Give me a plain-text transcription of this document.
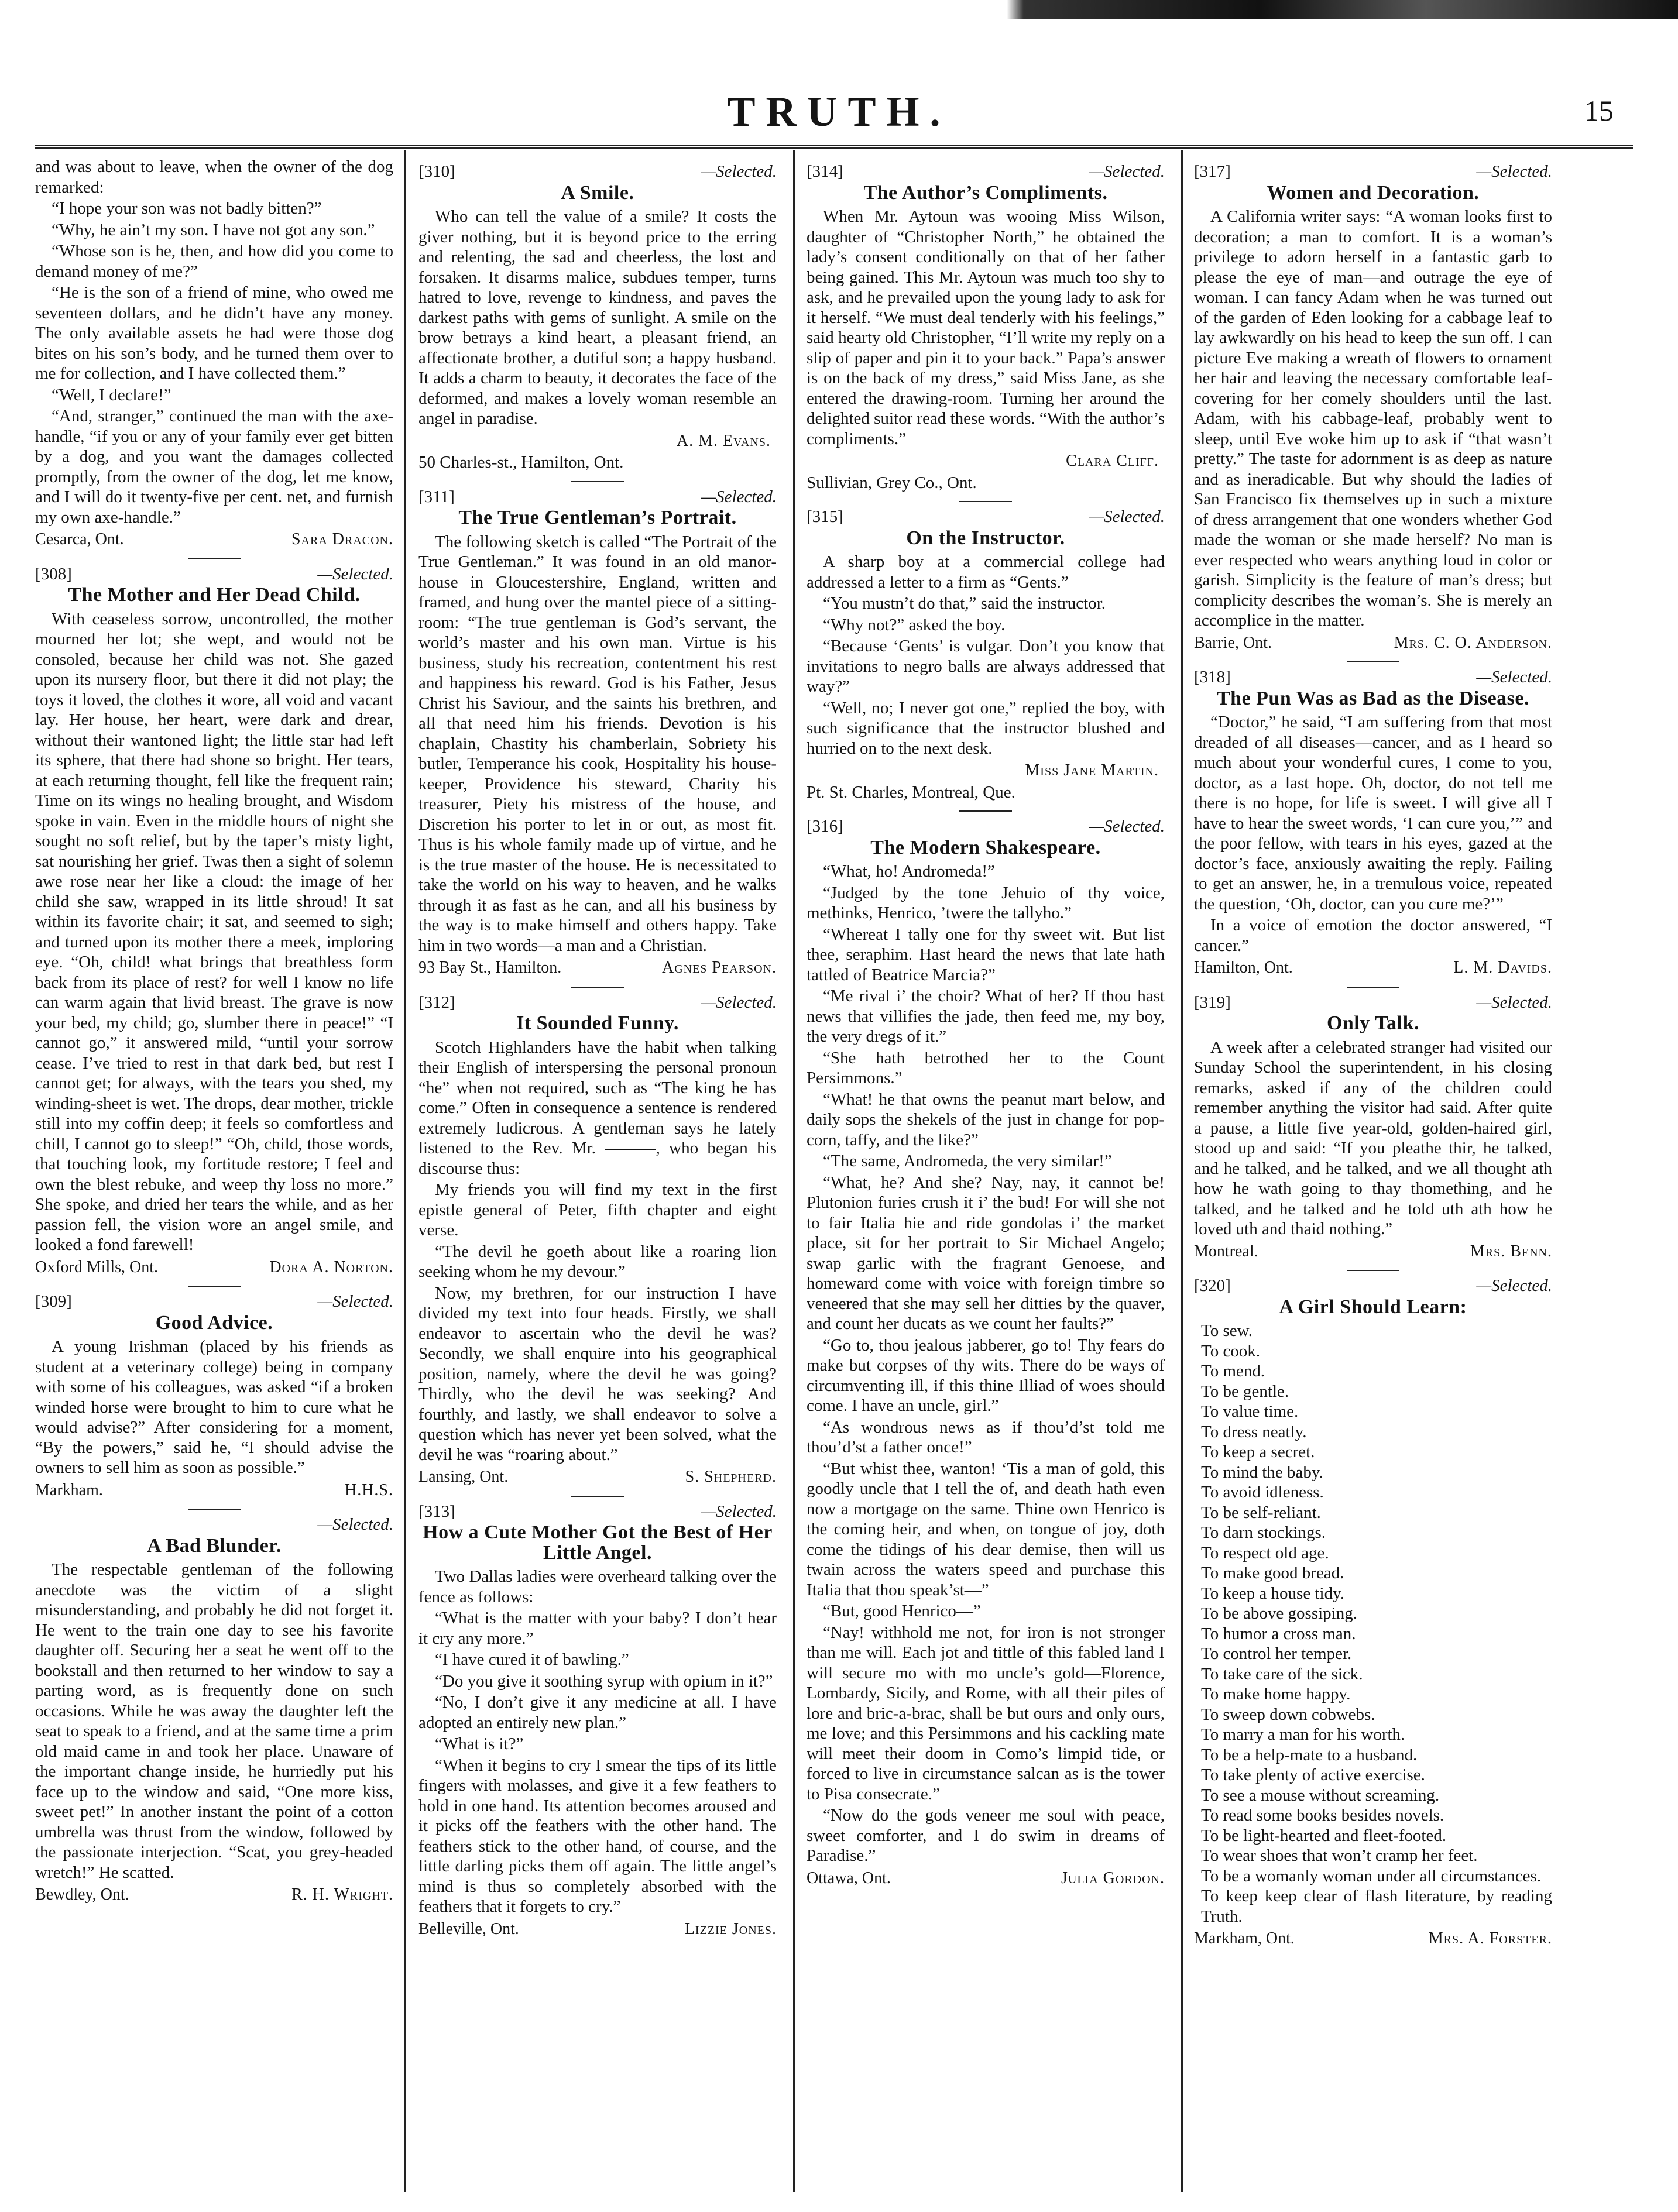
TRUTH.	15

and was about to leave, when the owner of the dog remarked:

“I hope your son was not badly bitten?”

“Why, he ain’t my son. I have not got any son.”

“Whose son is he, then, and how did you come to demand money of me?”

“He is the son of a friend of mine, who owed me seventeen dollars, and he didn’t have any money. The only available assets he had were those dog bites on his son’s body, and he turned them over to me for collection, and I have collected them.”

“Well, I declare!”

“And, stranger,” continued the man with the axe-handle, “if you or any of your family ever get bitten by a dog, and you want the damages collected promptly, from the owner of the dog, let me know, and I will do it twenty-five per cent. net, and furnish my own axe-handle.”

Cesarca, Ont.	Sara Dracon.
[308]	—Selected.
The Mother and Her Dead Child.

With ceaseless sorrow, uncontrolled, the mother mourned her lot; she wept, and would not be consoled, because her child was not. She gazed upon its nursery floor, but there it did not play; the toys it loved, the clothes it wore, all void and vacant lay. Her house, her heart, were dark and drear, without their wantoned light; the little star had left its sphere, that there had shone so bright. Her tears, at each returning thought, fell like the frequent rain; Time on its wings no healing brought, and Wisdom spoke in vain. Even in the middle hours of night she sought no soft relief, but by the taper’s misty light, sat nourishing her grief. Twas then a sight of solemn awe rose near her like a cloud: the image of her child she saw, wrapped in its little shroud! It sat within its favorite chair; it sat, and seemed to sigh; and turned upon its mother there a meek, imploring eye. “Oh, child! what brings that breathless form back from its place of rest? for well I know no life can warm again that livid breast. The grave is now your bed, my child; go, slumber there in peace!” “I cannot go,” it answered mild, “until your sorrow cease. I’ve tried to rest in that dark bed, but rest I cannot get; for always, with the tears you shed, my winding-sheet is wet. The drops, dear mother, trickle still into my coffin deep; it feels so comfortless and chill, I cannot go to sleep!” “Oh, child, those words, that touching look, my fortitude restore; I feel and own the blest rebuke, and weep thy loss no more.” She spoke, and dried her tears the while, and as her passion fell, the vision wore an angel smile, and looked a fond farewell!

Oxford Mills, Ont.	Dora A. Norton.
[309]	—Selected.
Good Advice.

A young Irishman (placed by his friends as student at a veterinary college) being in company with some of his colleagues, was asked “if a broken winded horse were brought to him to cure what he would advise?” After considering for a moment, “By the powers,” said he, “I should advise the owners to sell him as soon as possible.”

Markham.	H.H.S.
—Selected.
A Bad Blunder.

The respectable gentleman of the following anecdote was the victim of a slight misunderstanding, and probably he did not forget it. He went to the train one day to see his favorite daughter off. Securing her a seat he went off to the bookstall and then returned to her window to say a parting word, as is frequently done on such occasions. While he was away the daughter left the seat to speak to a friend, and at the same time a prim old maid came in and took her place. Unaware of the important change inside, he hurriedly put his face up to the window and said, “One more kiss, sweet pet!” In another instant the point of a cotton umbrella was thrust from the window, followed by the passionate interjection. “Scat, you grey-headed wretch!” He scatted.

Bewdley, Ont.	R. H. Wright.
[310]	—Selected.
A Smile.

Who can tell the value of a smile? It costs the giver nothing, but it is beyond price to the erring and relenting, the sad and cheerless, the lost and forsaken. It disarms malice, subdues temper, turns hatred to love, revenge to kindness, and paves the darkest paths with gems of sunlight. A smile on the brow betrays a kind heart, a pleasant friend, an affectionate brother, a dutiful son; a happy husband. It adds a charm to beauty, it decorates the face of the deformed, and makes a lovely woman resemble an angel in paradise.

A. M. Evans.

50 Charles-st., Hamilton, Ont.

[311]	—Selected.
The True Gentleman’s Portrait.

The following sketch is called “The Portrait of the True Gentleman.” It was found in an old manor-house in Gloucestershire, England, written and framed, and hung over the mantel piece of a sitting-room: “The true gentleman is God’s servant, the world’s master and his own man. Virtue is his business, study his recreation, contentment his rest and happiness his reward. God is his Father, Jesus Christ his Saviour, and the saints his brethren, and all that need him his friends. Devotion is his chaplain, Chastity his chamberlain, Sobriety his butler, Temperance his cook, Hospitality his house-keeper, Providence his steward, Charity his treasurer, Piety his mistress of the house, and Discretion his porter to let in or out, as most fit. Thus is his whole family made up of virtue, and he is the true master of the house. He is necessitated to take the world on his way to heaven, and he walks through it as fast as he can, and all his business by the way is to make himself and others happy. Take him in two words—a man and a Christian.

93 Bay St., Hamilton.	Agnes Pearson.
[312]	—Selected.
It Sounded Funny.

Scotch Highlanders have the habit when talking their English of interspersing the personal pronoun “he” when not required, such as “The king he has come.” Often in consequence a sentence is rendered extremely ludicrous. A gentleman says he lately listened to the Rev. Mr. ———, who began his discourse thus:

My friends you will find my text in the first epistle general of Peter, fifth chapter and eight verse.

“The devil he goeth about like a roaring lion seeking whom he my devour.”

Now, my brethren, for our instruction I have divided my text into four heads. Firstly, we shall endeavor to ascertain who the devil he was? Secondly, we shall enquire into his geographical position, namely, where the devil he was going? Thirdly, who the devil he was seeking? And fourthly, and lastly, we shall endeavor to solve a question which has never yet been solved, what the devil he was “roaring about.”

Lansing, Ont.	S. Shepherd.
[313]	—Selected.
How a Cute Mother Got the Best of Her Little Angel.

Two Dallas ladies were overheard talking over the fence as follows:

“What is the matter with your baby? I don’t hear it cry any more.”

“I have cured it of bawling.”

“Do you give it soothing syrup with opium in it?”

“No, I don’t give it any medicine at all. I have adopted an entirely new plan.”

“What is it?”

“When it begins to cry I smear the tips of its little fingers with molasses, and give it a few feathers to hold in one hand. Its attention becomes aroused and it picks off the feathers with the other hand. The feathers stick to the other hand, of course, and the little darling picks them off again. The little angel’s mind is thus so completely absorbed with the feathers that it forgets to cry.”

Belleville, Ont.	Lizzie Jones.
[314]	—Selected.
The Author’s Compliments.

When Mr. Aytoun was wooing Miss Wilson, daughter of “Christopher North,” he obtained the lady’s consent conditionally on that of her father being gained. This Mr. Aytoun was much too shy to ask, and he prevailed upon the young lady to ask for it herself. “We must deal tenderly with his feelings,” said hearty old Christopher, “I’ll write my reply on a slip of paper and pin it to your back.” Papa’s answer is on the back of my dress,” said Miss Jane, as she entered the drawing-room. Turning her around the delighted suitor read these words. “With the author’s compliments.”

Clara Cliff.

Sullivian, Grey Co., Ont.

[315]	—Selected.
On the Instructor.

A sharp boy at a commercial college had addressed a letter to a firm as “Gents.”

“You mustn’t do that,” said the instructor.

“Why not?” asked the boy.

“Because ‘Gents’ is vulgar. Don’t you know that invitations to negro balls are always addressed that way?”

“Well, no; I never got one,” replied the boy, with such significance that the instructor blushed and hurried on to the next desk.

Miss Jane Martin.

Pt. St. Charles, Montreal, Que.

[316]	—Selected.
The Modern Shakespeare.

“What, ho! Andromeda!”

“Judged by the tone Jehuio of thy voice, methinks, Henrico, ’twere the tallyho.”

“Whereat I tally one for thy sweet wit. But list thee, seraphim. Hast heard the news that late hath tattled of Beatrice Marcia?”

“Me rival i’ the choir? What of her? If thou hast news that villifies the jade, then feed me, my boy, the very dregs of it.”

“She hath betrothed her to the Count Persimmons.”

“What! he that owns the peanut mart below, and daily sops the shekels of the just in change for pop-corn, taffy, and the like?”

“The same, Andromeda, the very similar!”

“What, he? And she? Nay, nay, it cannot be! Plutonion furies crush it i’ the bud! For will she not to fair Italia hie and ride gondolas i’ the market place, sit for her portrait to Sir Michael Angelo; swap garlic with the fragrant Genoese, and homeward come with voice with foreign timbre so veneered that she may sell her ditties by the quaver, and count her ducats as we count her faults?”

“Go to, thou jealous jabberer, go to! Thy fears do make but corpses of thy wits. There do be ways of circumventing ill, if this thine Illiad of woes should come. I have an uncle, girl.”

“As wondrous news as if thou’d’st told me thou’d’st a father once!”

“But whist thee, wanton! ‘Tis a man of gold, this goodly uncle that I tell the of, and death hath even now a mortgage on the same. Thine own Henrico is the coming heir, and when, on tongue of joy, doth come the tidings of his dear demise, then will us twain across the waters speed and purchase this Italia that thou speak’st—”

“But, good Henrico—”

“Nay! withhold me not, for iron is not stronger than me will. Each jot and tittle of this fabled land I will secure mo with mo uncle’s gold—Florence, Lombardy, Sicily, and Rome, with all their piles of lore and bric-a-brac, shall be but ours and only ours, me love; and this Persimmons and his cackling mate will meet their doom in Como’s limpid tide, or forced to live in circumstance salcan as is the tower to Pisa consecrate.”

“Now do the gods veneer me soul with peace, sweet comforter, and I do swim in dreams of Paradise.”

Ottawa, Ont.	Julia Gordon.
[317]	—Selected.
Women and Decoration.

A California writer says: “A woman looks first to decoration; a man to comfort. It is a woman’s privilege to adorn herself in a fantastic garb to please the eye of man—and outrage the eye of woman. I can fancy Adam when he was turned out of the garden of Eden looking for a cabbage leaf to lay awkwardly on his head to keep the sun off. I can picture Eve making a wreath of flowers to ornament her hair and leaving the necessary comfortable leaf-covering for her comely shoulders until the last. Adam, with his cabbage-leaf, probably went to sleep, until Eve woke him up to ask if “that wasn’t pretty.” The taste for adornment is as deep as nature and as ineradicable. But why should the ladies of San Francisco fix themselves up in such a mixture of dress arrangement that one wonders whether God made the woman or she made herself? No man is ever respected who wears anything loud in color or garish. Simplicity is the feature of man’s dress; but complicity describes the woman’s. She is merely an accomplice in the matter.

Barrie, Ont.	Mrs. C. O. Anderson.
[318]	—Selected.
The Pun Was as Bad as the Disease.

“Doctor,” he said, “I am suffering from that most dreaded of all diseases—cancer, and as I heard so much about your wonderful cures, I come to you, doctor, as a last hope. Oh, doctor, do not tell me there is no hope, for life is sweet. I will give all I have to hear the sweet words, ‘I can cure you,’” and the poor fellow, with tears in his eyes, gazed at the doctor’s face, anxiously awaiting the reply. Failing to get an answer, he, in a tremulous voice, repeated the question, ‘Oh, doctor, can you cure me?’”

In a voice of emotion the doctor answered, “I cancer.”

Hamilton, Ont.	L. M. Davids.
[319]	—Selected.
Only Talk.

A week after a celebrated stranger had visited our Sunday School the superintendent, in his closing remarks, asked if any of the children could remember anything the visitor had said. After quite a pause, a little five year-old, golden-haired girl, stood up and said: “If you pleathe thir, he talked, and he talked, and he talked, and we all thought ath how he wath going to thay thomething, and he talked, and he talked and he told uth ath how he loved uth and thaid nothing.”

Montreal.	Mrs. Benn.
[320]	—Selected.
A Girl Should Learn:
To sew.
To cook.
To mend.
To be gentle.
To value time.
To dress neatly.
To keep a secret.
To mind the baby.
To avoid idleness.
To be self-reliant.
To darn stockings.
To respect old age.
To make good bread.
To keep a house tidy.
To be above gossiping.
To humor a cross man.
To control her temper.
To take care of the sick.
To make home happy.
To sweep down cobwebs.
To marry a man for his worth.
To be a help-mate to a husband.
To take plenty of active exercise.
To see a mouse without screaming.
To read some books besides novels.
To be light-hearted and fleet-footed.
To wear shoes that won’t cramp her feet.
To be a womanly woman under all circumstances.
To keep keep clear of flash literature, by reading Truth.
Markham, Ont.	Mrs. A. Forster.
